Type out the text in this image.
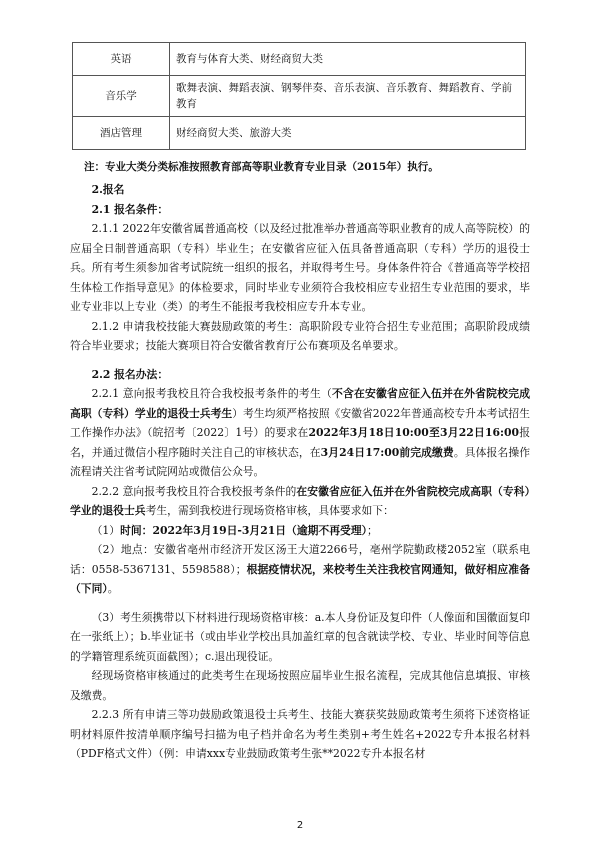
英语	教育与体育大类、财经商贸大类
音乐学	歌舞表演、舞蹈表演、钢琴伴奏、音乐表演、音乐教育、舞蹈教育、学前教育
酒店管理	财经商贸大类、旅游大类
注：专业大类分类标准按照教育部高等职业教育专业目录（2015年）执行。

2.报名

2.1 报名条件：

2.1.1 2022年安徽省属普通高校（以及经过批准举办普通高等职业教育的成人高等院校）的应届全日制普通高职（专科）毕业生；在安徽省应征入伍具备普通高职（专科）学历的退役士兵。所有考生须参加省考试院统一组织的报名，并取得考生号。身体条件符合《普通高等学校招生体检工作指导意见》的体检要求，同时毕业专业须符合我校相应专业招生专业范围的要求，毕业专业非以上专业（类）的考生不能报考我校相应专升本专业。

2.1.2 申请我校技能大赛鼓励政策的考生：高职阶段专业符合招生专业范围；高职阶段成绩符合毕业要求；技能大赛项目符合安徽省教育厅公布赛项及名单要求。

2.2 报名办法：

2.2.1 意向报考我校且符合我校报考条件的考生（不含在安徽省应征入伍并在外省院校完成高职（专科）学业的退役士兵考生）考生均须严格按照《安徽省2022年普通高校专升本考试招生工作操作办法》（皖招考〔2022〕1号）的要求在2022年3月18日10:00至3月22日16:00报名，并通过微信小程序随时关注自己的审核状态，在3月24日17:00前完成缴费。具体报名操作流程请关注省考试院网站或微信公众号。

2.2.2 意向报考我校且符合我校报考条件的在安徽省应征入伍并在外省院校完成高职（专科）学业的退役士兵考生，需到我校进行现场资格审核，具体要求如下：

（1）时间：2022年3月19日-3月21日（逾期不再受理）；

（2）地点：安徽省亳州市经济开发区汤王大道2266号，亳州学院勤政楼2052室（联系电话：0558-5367131、5598588）；根据疫情状况，来校考生关注我校官网通知，做好相应准备（下同）。

（3）考生须携带以下材料进行现场资格审核：a.本人身份证及复印件（人像面和国徽面复印在一张纸上）；b.毕业证书（或由毕业学校出具加盖红章的包含就读学校、专业、毕业时间等信息的学籍管理系统页面截图）；c.退出现役证。

经现场资格审核通过的此类考生在现场按照应届毕业生报名流程，完成其他信息填报、审核及缴费。

2.2.3 所有申请三等功鼓励政策退役士兵考生、技能大赛获奖鼓励政策考生须将下述资格证明材料原件按清单顺序编号扫描为电子档并命名为考生类别+考生姓名+2022专升本报名材料（PDF格式文件）（例：申请xxx专业鼓励政策考生张**2022专升本报名材

2
